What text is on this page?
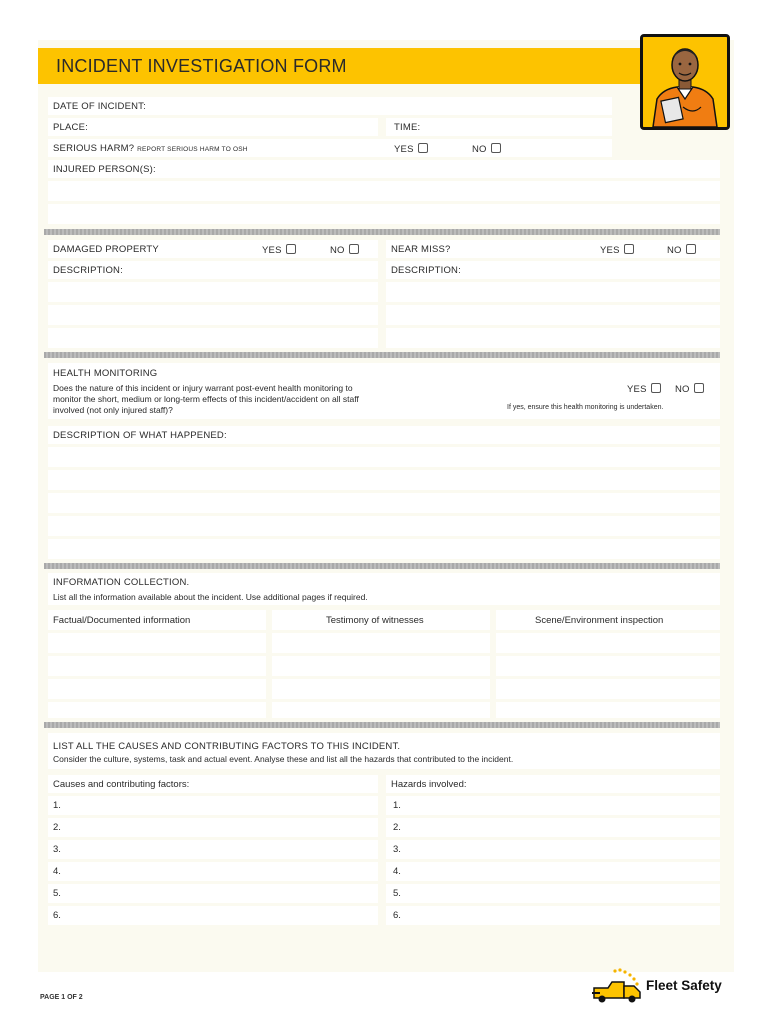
INCIDENT INVESTIGATION FORM
DATE OF INCIDENT:
PLACE:	TIME:
SERIOUS HARM? REPORT SERIOUS HARM TO OSH	YES	NO
INJURED PERSON(S):
DAMAGED PROPERTY	YES	NO	NEAR MISS?	YES	NO
DESCRIPTION:	DESCRIPTION:
HEALTH MONITORING
Does the nature of this incident or injury warrant post-event health monitoring to
monitor the short, medium or long-term effects of this incident/accident on all staff
involved (not only injured staff)?
YES	NO
If yes, ensure this health monitoring is undertaken.
DESCRIPTION OF WHAT HAPPENED:
INFORMATION COLLECTION.
List all the information available about the incident. Use additional pages if required.
Factual/Documented information	Testimony of witnesses	Scene/Environment inspection
LIST ALL THE CAUSES AND CONTRIBUTING FACTORS TO THIS INCIDENT.
Consider the culture, systems, task and actual event. Analyse these and list all the hazards that contributed to the incident.
Causes and contributing factors:	Hazards involved:
1.	1.
2.	2.
3.	3.
4.	4.
5.	5.
6.	6.
PAGE 1 OF 2
Fleet Safety
